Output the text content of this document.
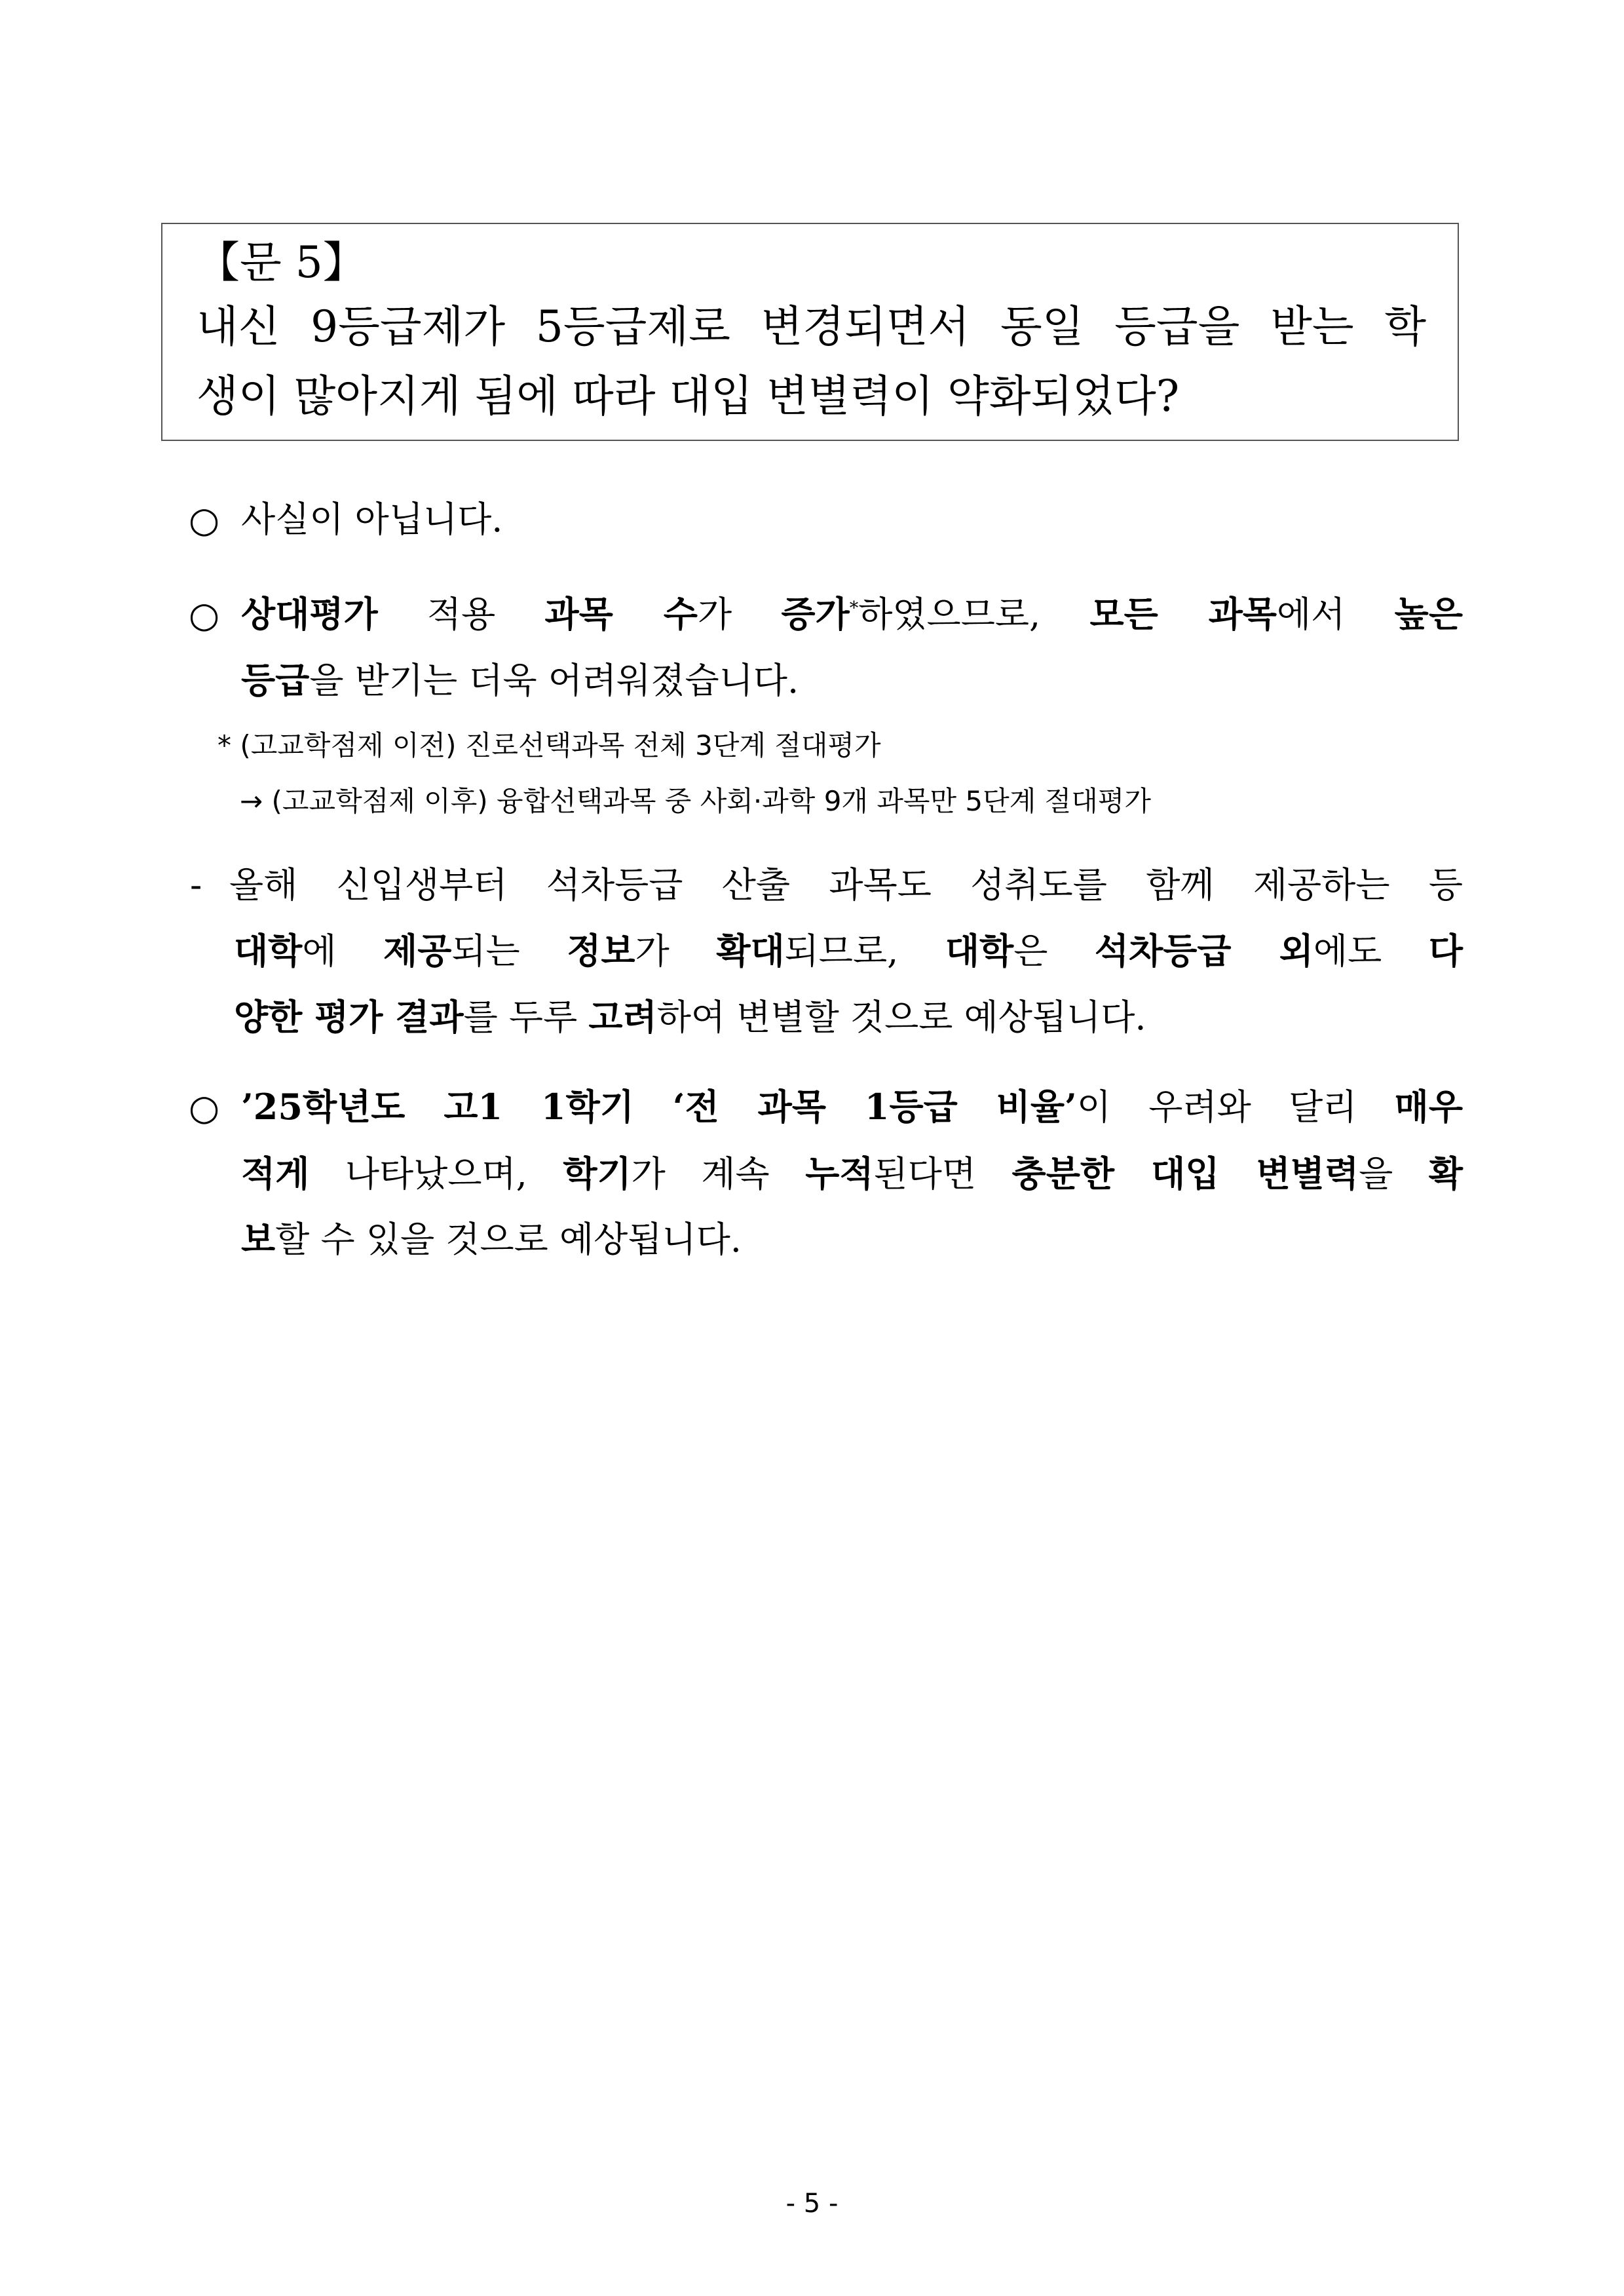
【문 5】
내신 9등급제가 5등급제로 변경되면서 동일 등급을 받는 학
생이 많아지게 됨에 따라 대입 변별력이 약화되었다?
○ 사실이 아닙니다.
○ 상대평가 적용 과목 수가 증가*하였으므로, 모든 과목에서 높은
등급을 받기는 더욱 어려워졌습니다.
* (고교학점제 이전) 진로선택과목 전체 3단계 절대평가
→ (고교학점제 이후) 융합선택과목 중 사회·과학 9개 과목만 5단계 절대평가
- 올해 신입생부터 석차등급 산출 과목도 성취도를 함께 제공하는 등
대학에 제공되는 정보가 확대되므로, 대학은 석차등급 외에도 다
양한 평가 결과를 두루 고려하여 변별할 것으로 예상됩니다.
○ ’25학년도 고1 1학기 ‘전 과목 1등급 비율’이 우려와 달리 매우
적게 나타났으며, 학기가 계속 누적된다면 충분한 대입 변별력을 확
보할 수 있을 것으로 예상됩니다.
- 5 -
